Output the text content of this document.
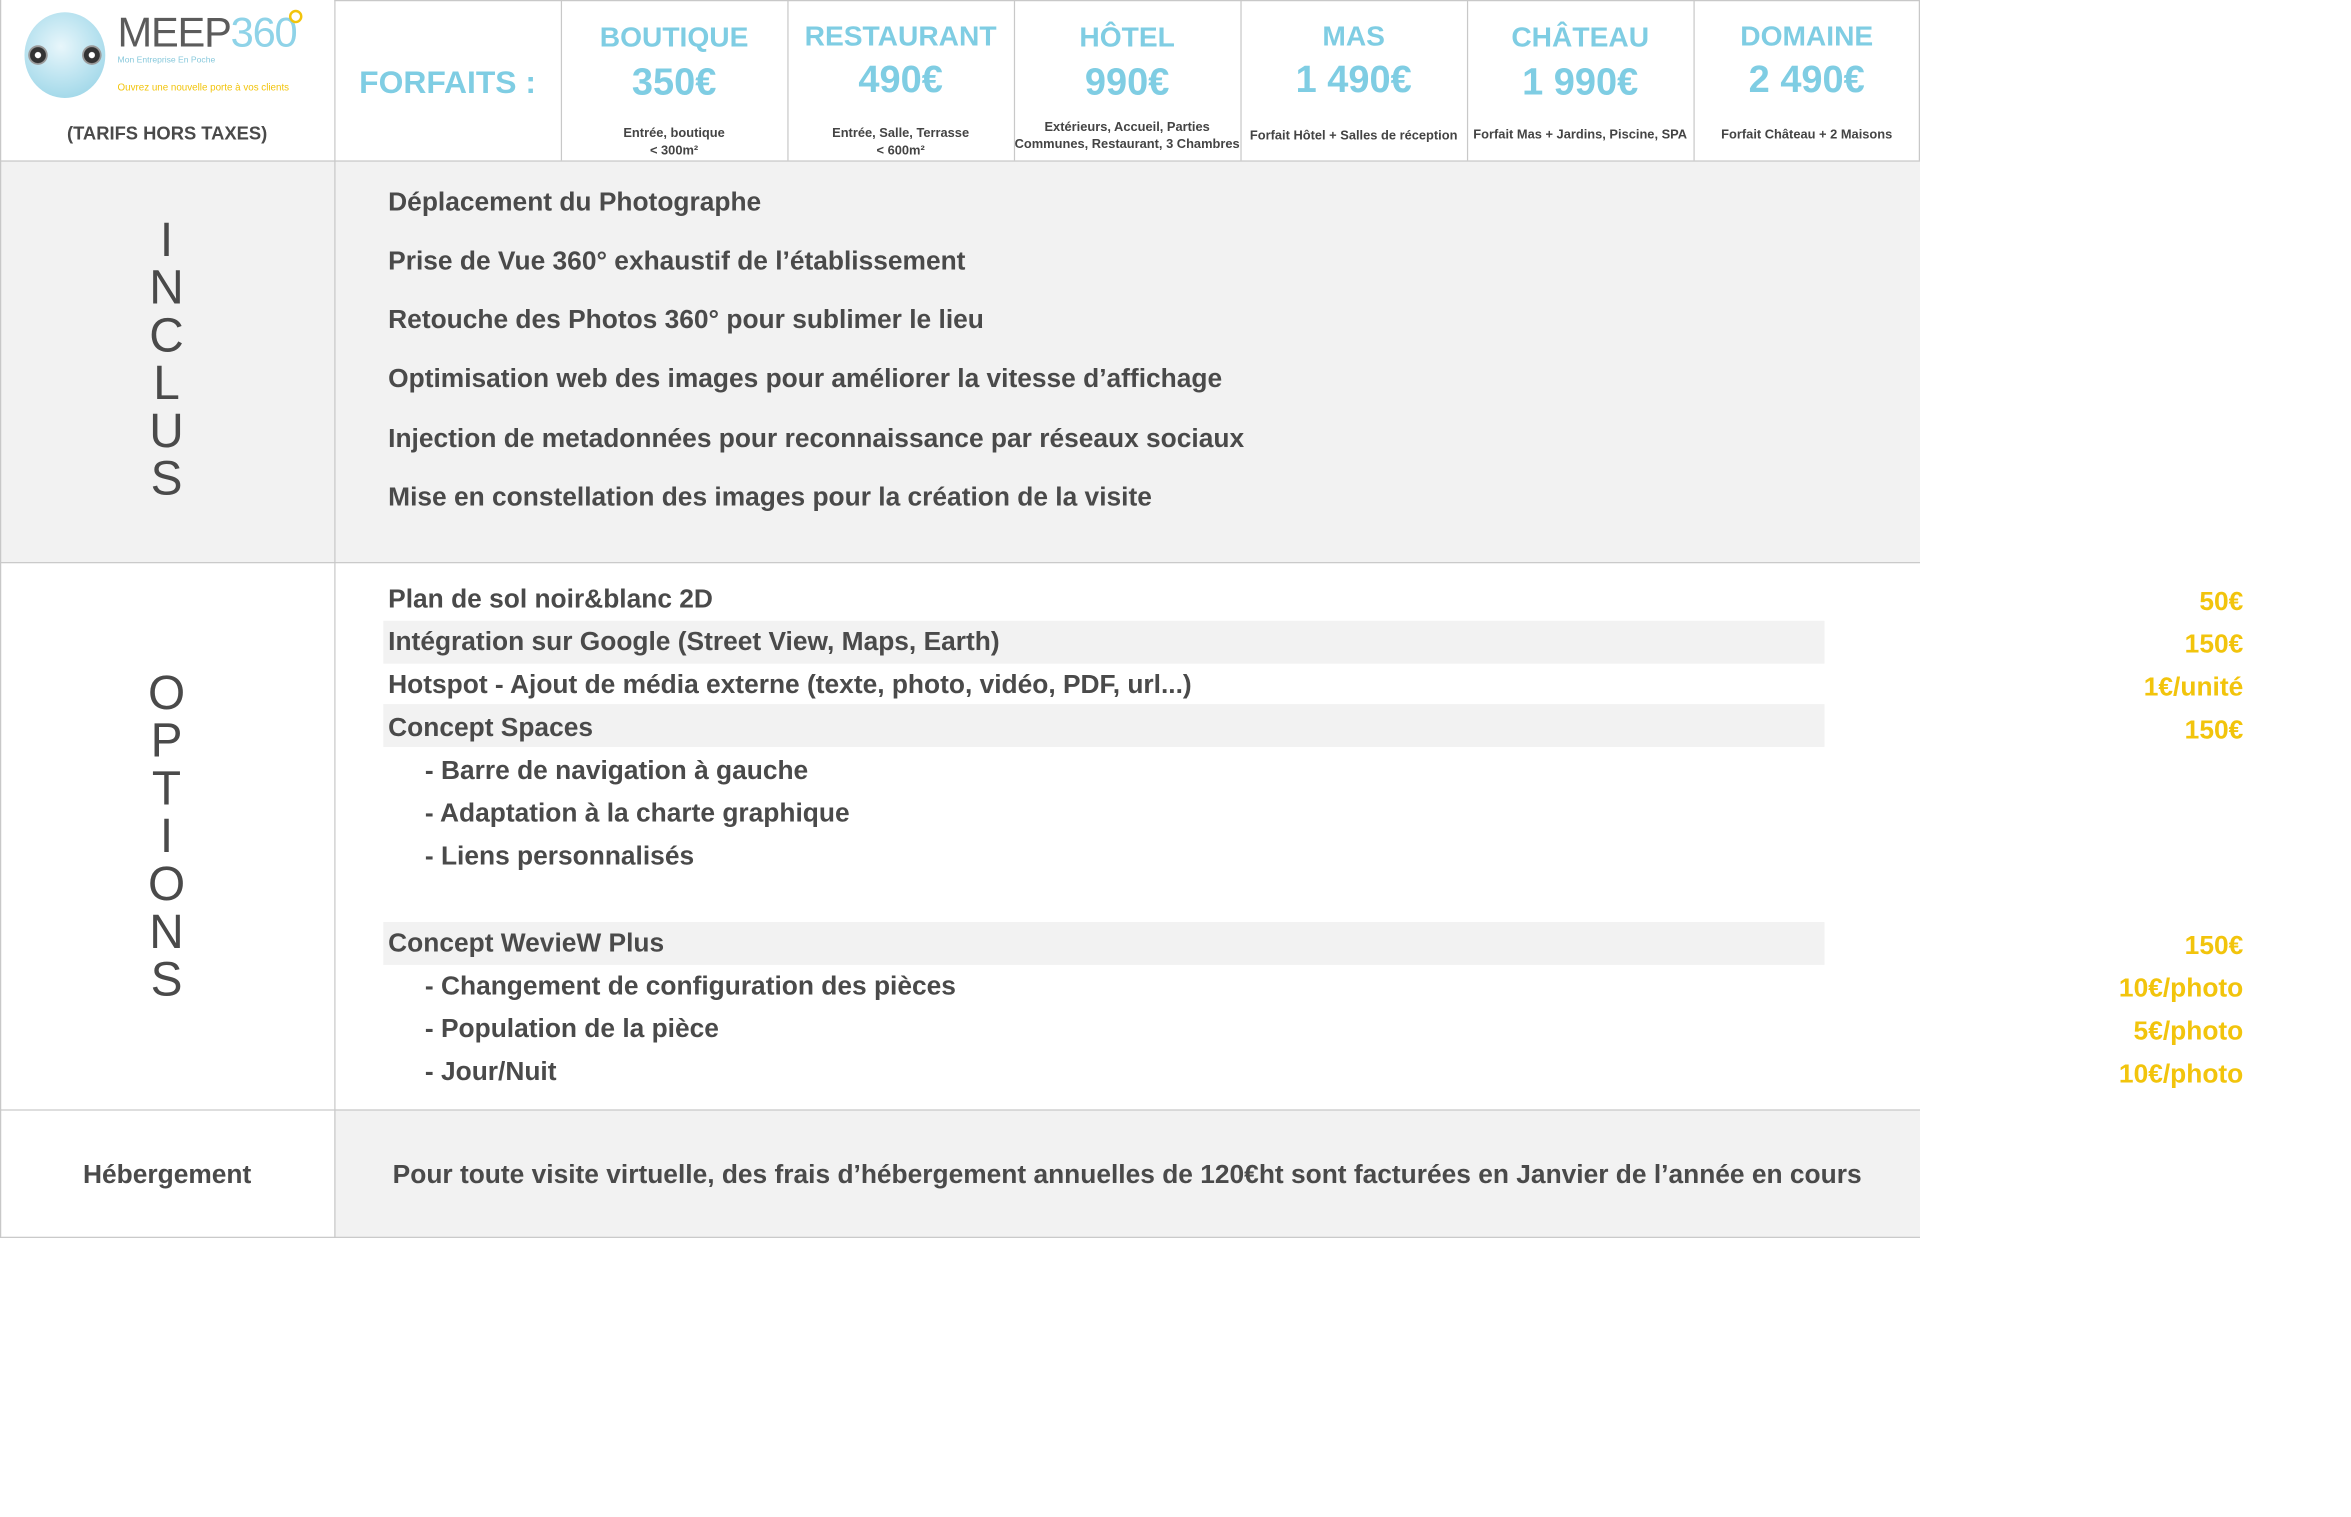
MEEP360
Mon Entreprise En Poche
Ouvrez une nouvelle porte à vos clients
(TARIFS HORS TAXES)
FORFAITS :
BOUTIQUE
350€
Entrée, boutique
< 300m²
RESTAURANT
490€
Entrée, Salle, Terrasse
< 600m²
HÔTEL
990€
Extérieurs, Accueil, Parties
Communes, Restaurant, 3 Chambres
MAS
1 490€
Forfait Hôtel + Salles de réception
CHÂTEAU
1 990€
Forfait Mas + Jardins, Piscine, SPA
DOMAINE
2 490€
Forfait Château + 2 Maisons
I
N
C
L
U
S
Déplacement du Photographe
Prise de Vue 360° exhaustif de l’établissement
Retouche des Photos 360° pour sublimer le lieu
Optimisation web des images pour améliorer la vitesse d’affichage
Injection de metadonnées pour reconnaissance par réseaux sociaux
Mise en constellation des images pour la création de la visite
O
P
T
I
O
N
S
Plan de sol noir&blanc 2D	50€
Intégration sur Google (Street View, Maps, Earth)	150€
Hotspot - Ajout de média externe (texte, photo, vidéo, PDF, url...)	1€/unité
Concept Spaces	150€
- Barre de navigation à gauche
- Adaptation à la charte graphique
- Liens personnalisés
Concept WevieW Plus	150€
- Changement de configuration des pièces	10€/photo
- Population de la pièce	5€/photo
- Jour/Nuit	10€/photo
Hébergement	Pour toute visite virtuelle, des frais d’hébergement annuelles de 120€ht sont facturées en Janvier de l’année en cours
